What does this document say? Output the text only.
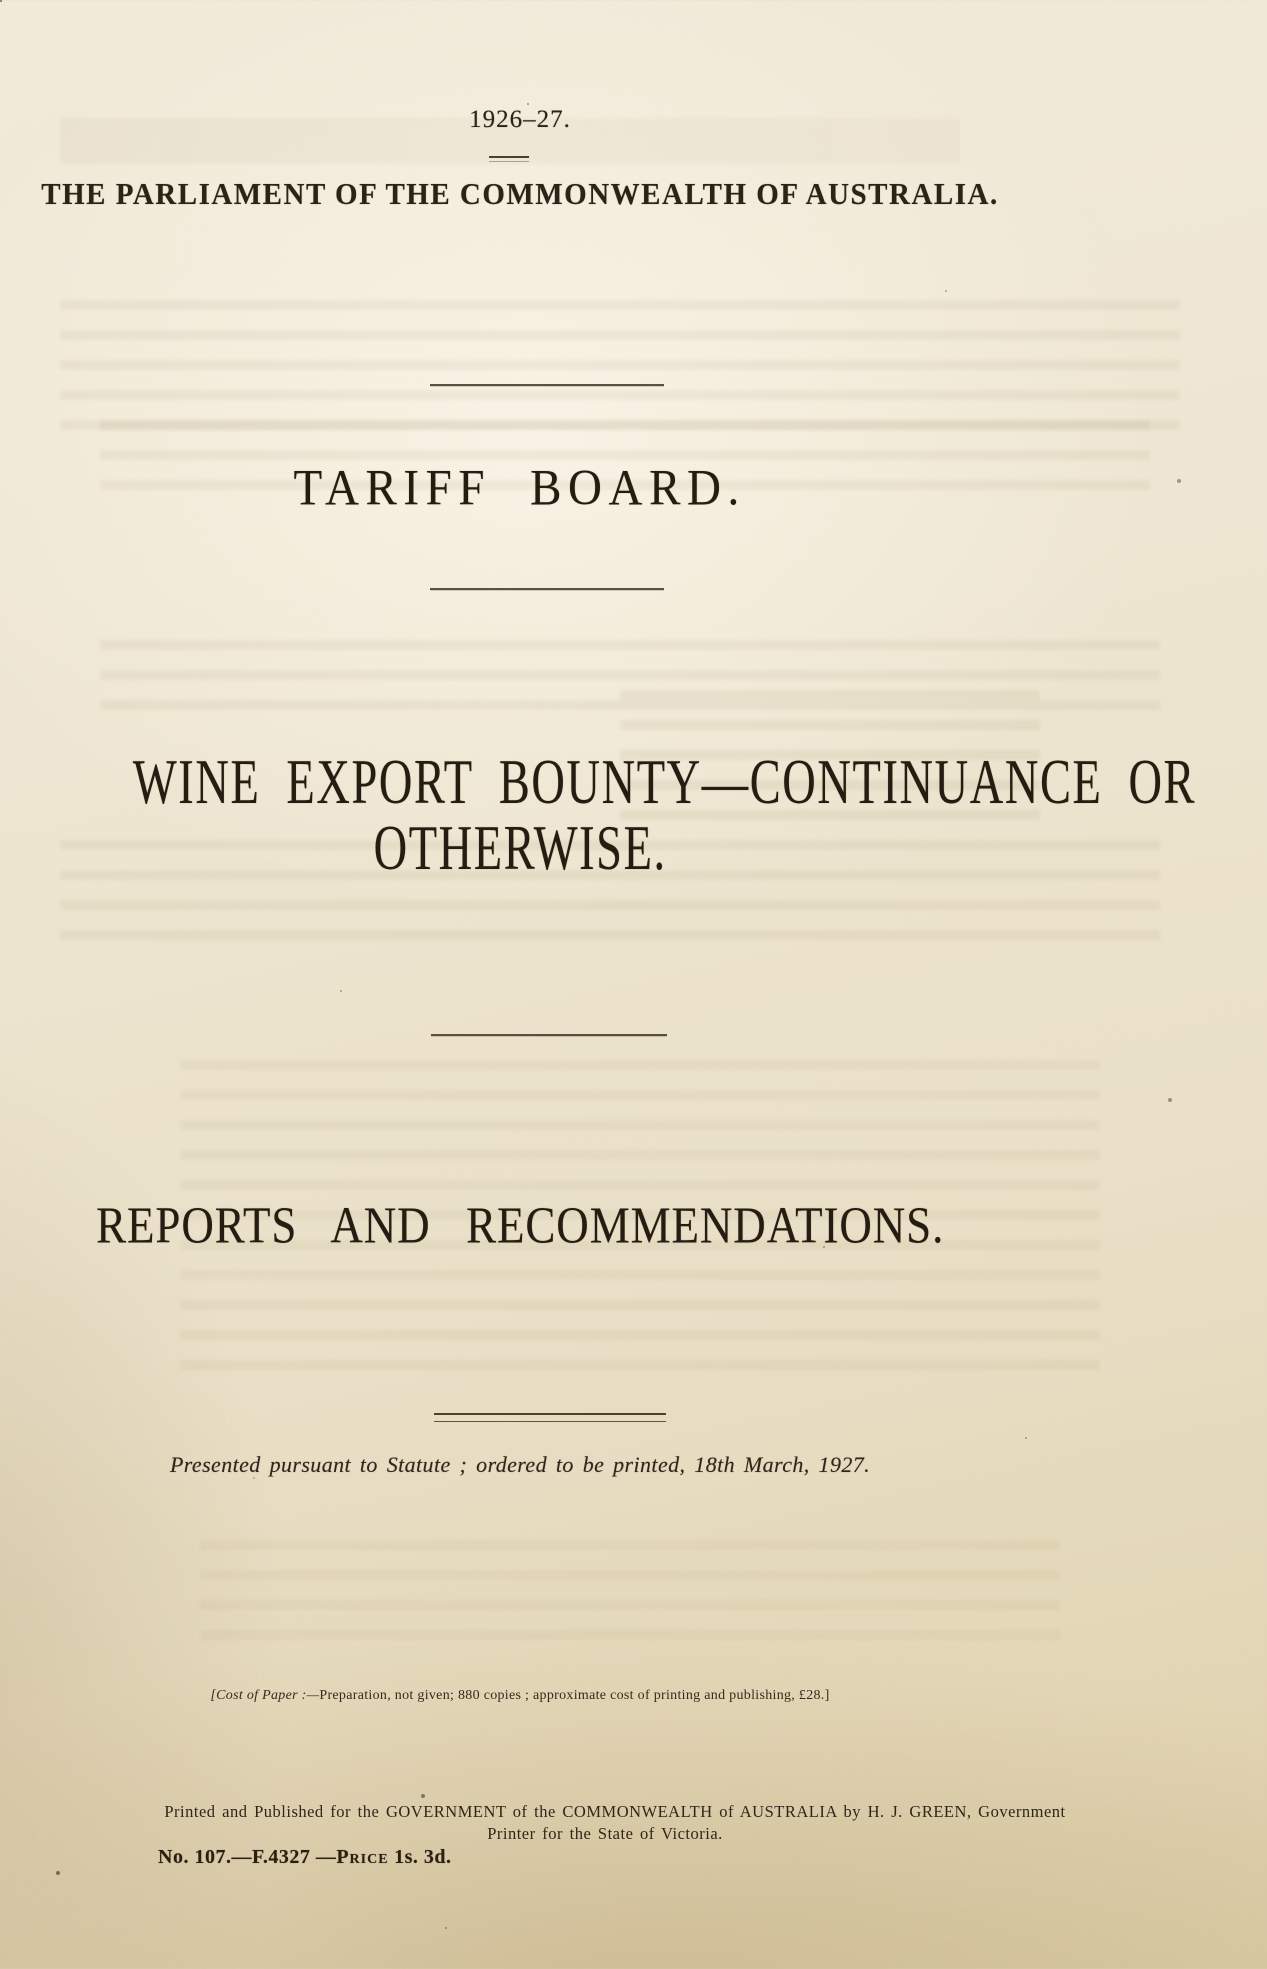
1926–27.
THE PARLIAMENT OF THE COMMONWEALTH OF AUSTRALIA.
TARIFF BOARD.
WINE EXPORT BOUNTY—CONTINUANCE OR
OTHERWISE.
REPORTS AND RECOMMENDATIONS.
Presented pursuant to Statute ; ordered to be printed, 18th March, 1927.
[Cost of Paper :—Preparation, not given; 880 copies ; approximate cost of printing and publishing, £28.]
Printed and Published for the GOVERNMENT of the COMMONWEALTH of AUSTRALIA by H. J. GREEN, Government
Printer for the State of Victoria.
No. 107.—F.4327 —Price 1s. 3d.
